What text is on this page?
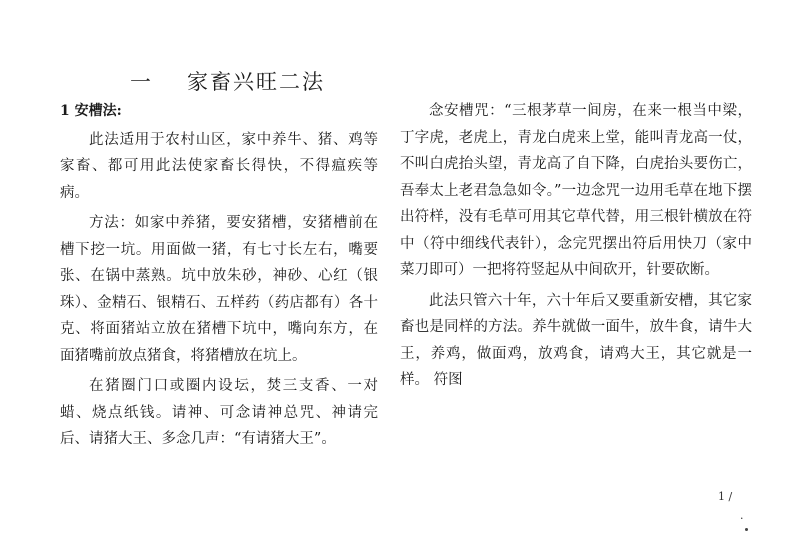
一 家畜兴旺二法
1 安槽法:

此法适用于农村山区，家中养牛、猪、鸡等家畜、都可用此法使家畜长得快，不得瘟疾等病。

方法：如家中养猪，要安猪槽，安猪槽前在槽下挖一坑。用面做一猪，有七寸长左右，嘴要张、在锅中蒸熟。坑中放朱砂，神砂、心红（银珠）、金精石、银精石、五样药（药店都有）各十克、将面猪站立放在猪槽下坑中，嘴向东方，在面猪嘴前放点猪食，将猪槽放在坑上。

在猪圈门口或圈内设坛，焚三支香、一对蜡、烧点纸钱。请神、可念请神总咒、神请完后、请猪大王、多念几声：“有请猪大王”。

念安槽咒：“三根茅草一间房，在来一根当中梁，丁字虎，老虎上，青龙白虎来上堂，能叫青龙高一仗，不叫白虎抬头望，青龙高了自下降，白虎抬头要伤亡，吾奉太上老君急急如令。”一边念咒一边用毛草在地下摆出符样，没有毛草可用其它草代替，用三根针横放在符中（符中细线代表针），念完咒摆出符后用快刀（家中菜刀即可）一把将符竖起从中间砍开，针要砍断。

此法只管六十年，六十年后又要重新安槽，其它家畜也是同样的方法。养牛就做一面牛，放牛食，请牛大王，养鸡，做面鸡，放鸡食，请鸡大王，其它就是一样。 符图

1 /
·
